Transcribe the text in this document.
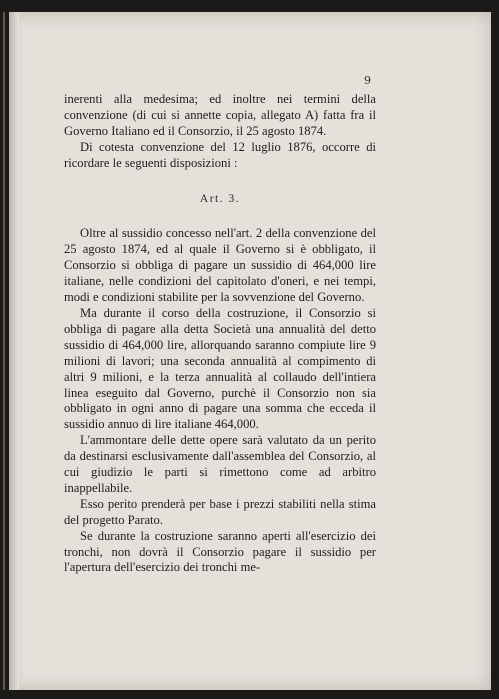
9

inerenti alla medesima; ed inoltre nei termini della convenzione (di cui si annette copia, allegato A) fatta fra il Governo Italiano ed il Consorzio, il 25 agosto 1874.

Di cotesta convenzione del 12 luglio 1876, occorre di ricordare le seguenti disposizioni :

Art. 3.

Oltre al sussidio concesso nell'art. 2 della convenzione del 25 agosto 1874, ed al quale il Governo si è obbligato, il Consorzio si obbliga di pagare un sussidio di 464,000 lire italiane, nelle condizioni del capitolato d'oneri, e nei tempi, modi e condizioni stabilite per la sovvenzione del Governo.

Ma durante il corso della costruzione, il Consorzio si obbliga di pagare alla detta Società una annualità del detto sussidio di 464,000 lire, allorquando saranno compiute lire 9 milioni di lavori; una seconda annualità al compimento di altri 9 milioni, e la terza annualità al collaudo dell'intiera linea eseguito dal Governo, purchè il Consorzio non sia obbligato in ogni anno di pagare una somma che ecceda il sussidio annuo di lire italiane 464,000.

L'ammontare delle dette opere sarà valutato da un perito da destinarsi esclusivamente dall'assemblea del Consorzio, al cui giudizio le parti si rimettono come ad arbitro inappellabile.

Esso perito prenderà per base i prezzi stabiliti nella stima del progetto Parato.

Se durante la costruzione saranno aperti all'esercizio dei tronchi, non dovrà il Consorzio pagare il sussidio per l'apertura dell'esercizio dei tronchi me-
